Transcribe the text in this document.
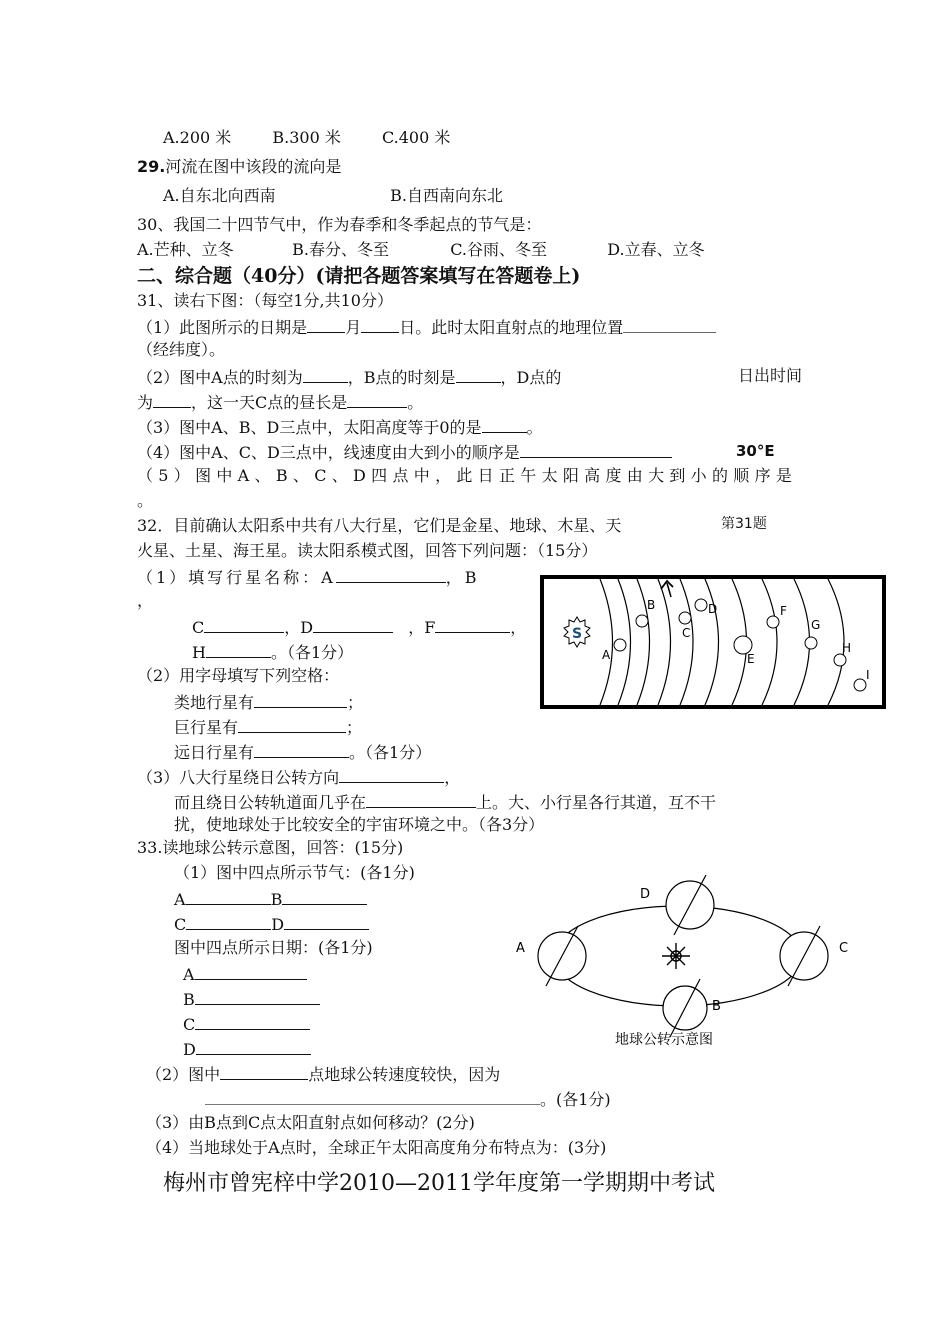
A.200 米	B.300 米	C.400 米
29.河流在图中该段的流向是
A.自东北向西南	B.自西南向东北
30、我国二十四节气中，作为春季和冬季起点的节气是：
A.芒种、立冬	B.春分、冬至	C.谷雨、冬至	D.立春、立冬
二、综合题（40分）(请把各题答案填写在答题卷上)
31、读右下图：（每空1分,共10分）
（1）此图所示的日期是 月 日。此时太阳直射点的地理位置
（经纬度）。
（2）图中A点的时刻为	，B点的时刻是	，D点的	日出时间
为 ，这一天C点的昼长是	。
（3）图中A、B、D三点中，太阳高度等于0的是	。
（4）图中A、C、D三点中，线速度由大到小的顺序是	30°E
（5）图中A、B、C、D四点中，此日正午太阳高度由大到小的顺序是
。
第31题
32．目前确认太阳系中共有八大行星，它们是金星、地球、木星、天
火星、土星、海王星。读太阳系模式图，回答下列问题：（15分）
（1）填写行星名称：A	，B
，
C	，D	，F	，
H	。（各1分）
（2）用字母填写下列空格：
类地行星有	；
巨行星有	；
远日行星有	。（各1分）
（3）八大行星绕日公转方向	，
而且绕日公转轨道面几乎在	上。大、小行星各行其道，互不干
扰，使地球处于比较安全的宇宙环境之中。（各3分）
S
A
B
C
D
E
F
G
H
I
33.读地球公转示意图，回答：(15分)
（1）图中四点所示节气：(各1分)
A	B
C	D
图中四点所示日期：(各1分)
A
B
C
D
（2）图中	点地球公转速度较快，因为
。(各1分)
（3）由B点到C点太阳直射点如何移动？(2分)
（4）当地球处于A点时，全球正午太阳高度角分布特点为：(3分)
A
B
C
D
地球公转示意图
梅州市曾宪梓中学2010—2011学年度第一学期期中考试
